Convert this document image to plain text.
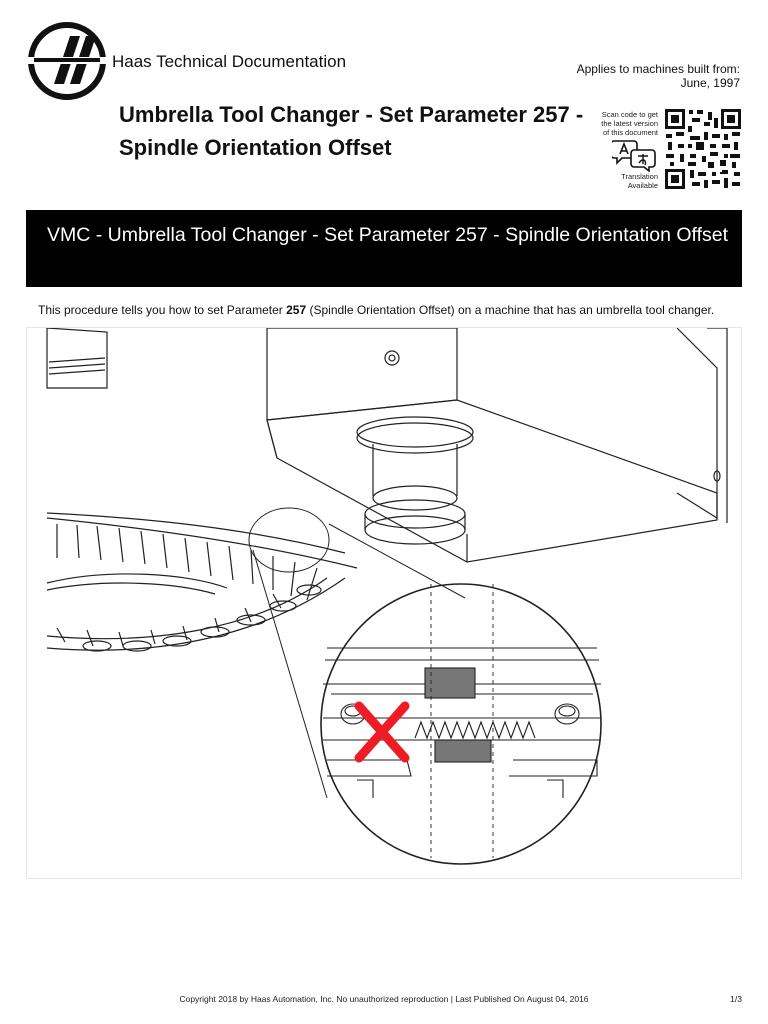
Haas Technical Documentation	Applies to machines built from:
June, 1997
Umbrella Tool Changer - Set Parameter 257 - Spindle Orientation Offset
Scan code to get the latest version of this document
Translation Available
VMC - Umbrella Tool Changer - Set Parameter 257 - Spindle Orientation Offset
This procedure tells you how to set Parameter 257 (Spindle Orientation Offset) on a machine that has an umbrella tool changer.
Copyright 2018 by Haas Automation, Inc. No unauthorized reproduction | Last Published On August 04, 2016	1/3
